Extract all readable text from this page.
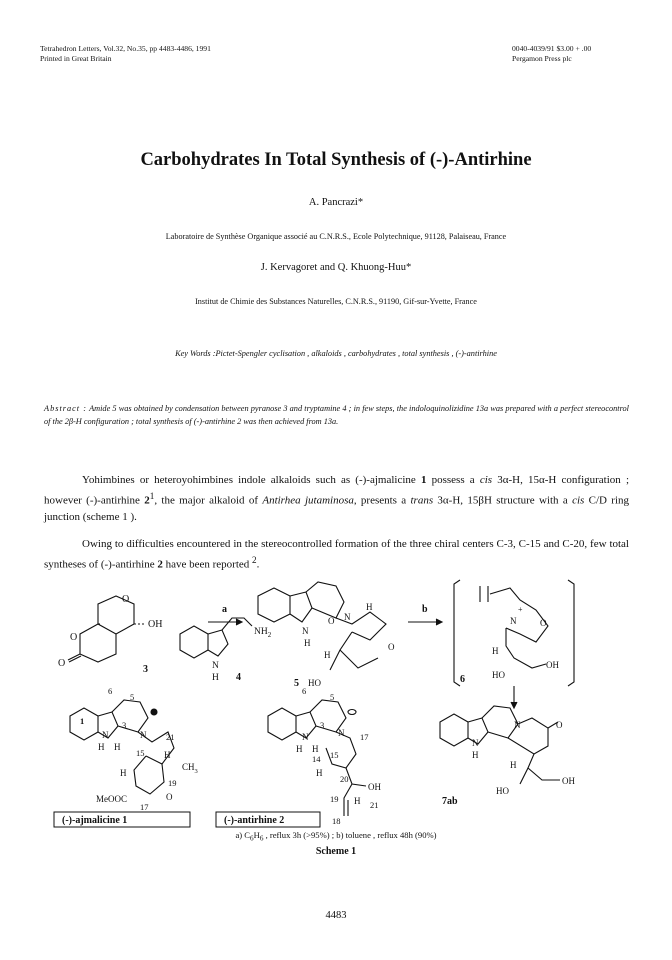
Tetrahedron Letters, Vol.32, No.35, pp 4483-4486, 1991
Printed in Great Britain
0040-4039/91 $3.00 + .00
Pergamon Press plc
Carbohydrates In Total Synthesis of (-)-Antirhine
A. Pancrazi*
Laboratoire de Synthèse Organique associé au C.N.R.S., Ecole Polytechnique, 91128, Palaiseau, France
J. Kervagoret and Q. Khuong-Huu*
Institut de Chimie des Substances Naturelles, C.N.R.S., 91190, Gif-sur-Yvette, France
Key Words :Pictet-Spengler cyclisation , alkaloids , carbohydrates , total synthesis , (-)-antirhine
Abstract : Amide 5 was obtained by condensation between pyranose 3 and tryptamine 4 ; in few steps, the indoloquinolizidine 13a was prepared with a perfect stereocontrol of the 2β-H configuration ; total synthesis of (-)-antirhine 2 was then achieved from 13a.
Yohimbines or heteroyohimbines indole alkaloids such as (-)-ajmalicine 1 possess a cis 3α-H, 15α-H configuration ; however (-)-antirhine $2^1$, the major alkaloid of Antirhea jutaminosa, presents a trans 3α-H, 15βH structure with a cis C/D ring junction (scheme 1 ).
Owing to difficulties encountered in the stereocontrolled formation of the three chiral centers C-3, C-15 and C-20, few total syntheses of (-)-antirhine 2 have been reported $^2$.
O
O
O
OH
3
a
$NH_2$
N
H 4
N
H
O N
H
O
H
HO
5
b
N
+
O
H
OH
HO
6
6
5
1	3
N 21
N
H H
15 H
$CH_3$
H
19
O
MeOOC
17
(-)-ajmalicine 1
6
5
3
N 17
N
H H
14 15
H
20
OH
19 H 21
18
(-)-antirhine 2
N	O
N
H
H
OH
HO
7ab
a) $C_6H_6$ , reflux 3h (>95%) ; b) toluene , reflux 48h (90%)
Scheme 1
4483
